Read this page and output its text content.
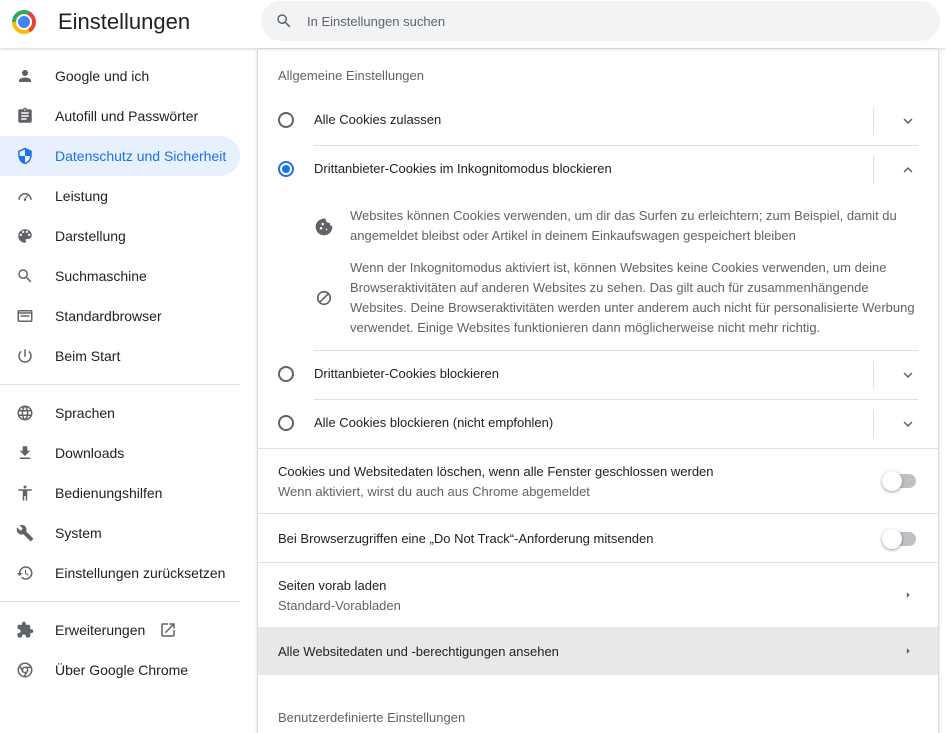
Einstellungen
In Einstellungen suchen
Google und ich
Autofill und Passwörter
Datenschutz und Sicherheit
Leistung
Darstellung
Suchmaschine
Standardbrowser
Beim Start
Sprachen
Downloads
Bedienungshilfen
System
Einstellungen zurücksetzen
Erweiterungen
Über Google Chrome
Allgemeine Einstellungen
Alle Cookies zulassen
Drittanbieter-Cookies im Inkognitomodus blockieren
Websites können Cookies verwenden, um dir das Surfen zu erleichtern; zum Beispiel, damit du angemeldet bleibst oder Artikel in deinem Einkaufswagen gespeichert bleiben
Wenn der Inkognitomodus aktiviert ist, können Websites keine Cookies verwenden, um deine Browseraktivitäten auf anderen Websites zu sehen. Das gilt auch für zusammenhängende Websites. Deine Browseraktivitäten werden unter anderem auch nicht für personalisierte Werbung verwendet. Einige Websites funktionieren dann möglicherweise nicht mehr richtig.
Drittanbieter-Cookies blockieren
Alle Cookies blockieren (nicht empfohlen)
Cookies und Websitedaten löschen, wenn alle Fenster geschlossen werden
Wenn aktiviert, wirst du auch aus Chrome abgemeldet
Bei Browserzugriffen eine „Do Not Track“-Anforderung mitsenden
Seiten vorab laden
Standard-Vorabladen
Alle Websitedaten und -berechtigungen ansehen
Benutzerdefinierte Einstellungen
